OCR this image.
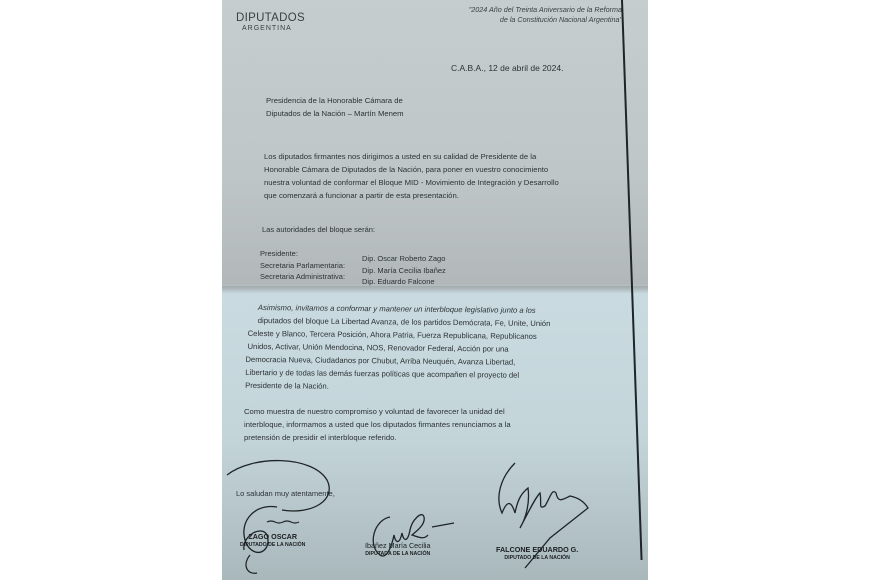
DIPUTADOS
ARGENTINA
"2024 Año del Treinta Aniversario de la Reforma
de la Constitución Nacional Argentina"
C.A.B.A., 12 de abril de 2024.
Presidencia de la Honorable Cámara de
Diputados de la Nación – Martín Menem
Los diputados firmantes nos dirigimos a usted en su calidad de Presidente de la
Honorable Cámara de Diputados de la Nación, para poner en vuestro conocimiento
nuestra voluntad de conformar el Bloque MID - Movimiento de Integración y Desarrollo
que comenzará a funcionar a partir de esta presentación.
Las autoridades del bloque serán:
Presidente:
Secretaria Parlamentaria:
Secretaria Administrativa:
Dip. Oscar Roberto Zago
Dip. María Cecilia Ibañez
Dip. Eduardo Falcone
Asimismo, invitamos a conformar y mantener un interbloque legislativo junto a los
diputados del bloque La Libertad Avanza, de los partidos Demócrata, Fe, Unite, Unión
Celeste y Blanco, Tercera Posición, Ahora Patria, Fuerza Republicana, Republicanos
Unidos, Activar, Unión Mendocina, NOS, Renovador Federal, Acción por una
Democracia Nueva, Ciudadanos por Chubut, Arriba Neuquén, Avanza Libertad,
Libertario y de todas las demás fuerzas políticas que acompañen el proyecto del
Presidente de la Nación.
Como muestra de nuestro compromiso y voluntad de favorecer la unidad del
interbloque, informamos a usted que los diputados firmantes renunciamos a la
pretensión de presidir el interbloque referido.
Lo saludan muy atentamente,
ZAGO OSCAR
DIPUTADO DE LA NACIÓN	Ibañez María Cecilia
DIPUTADA DE LA NACIÓN	FALCONE EDUARDO G.
DIPUTADO DE LA NACIÓN
